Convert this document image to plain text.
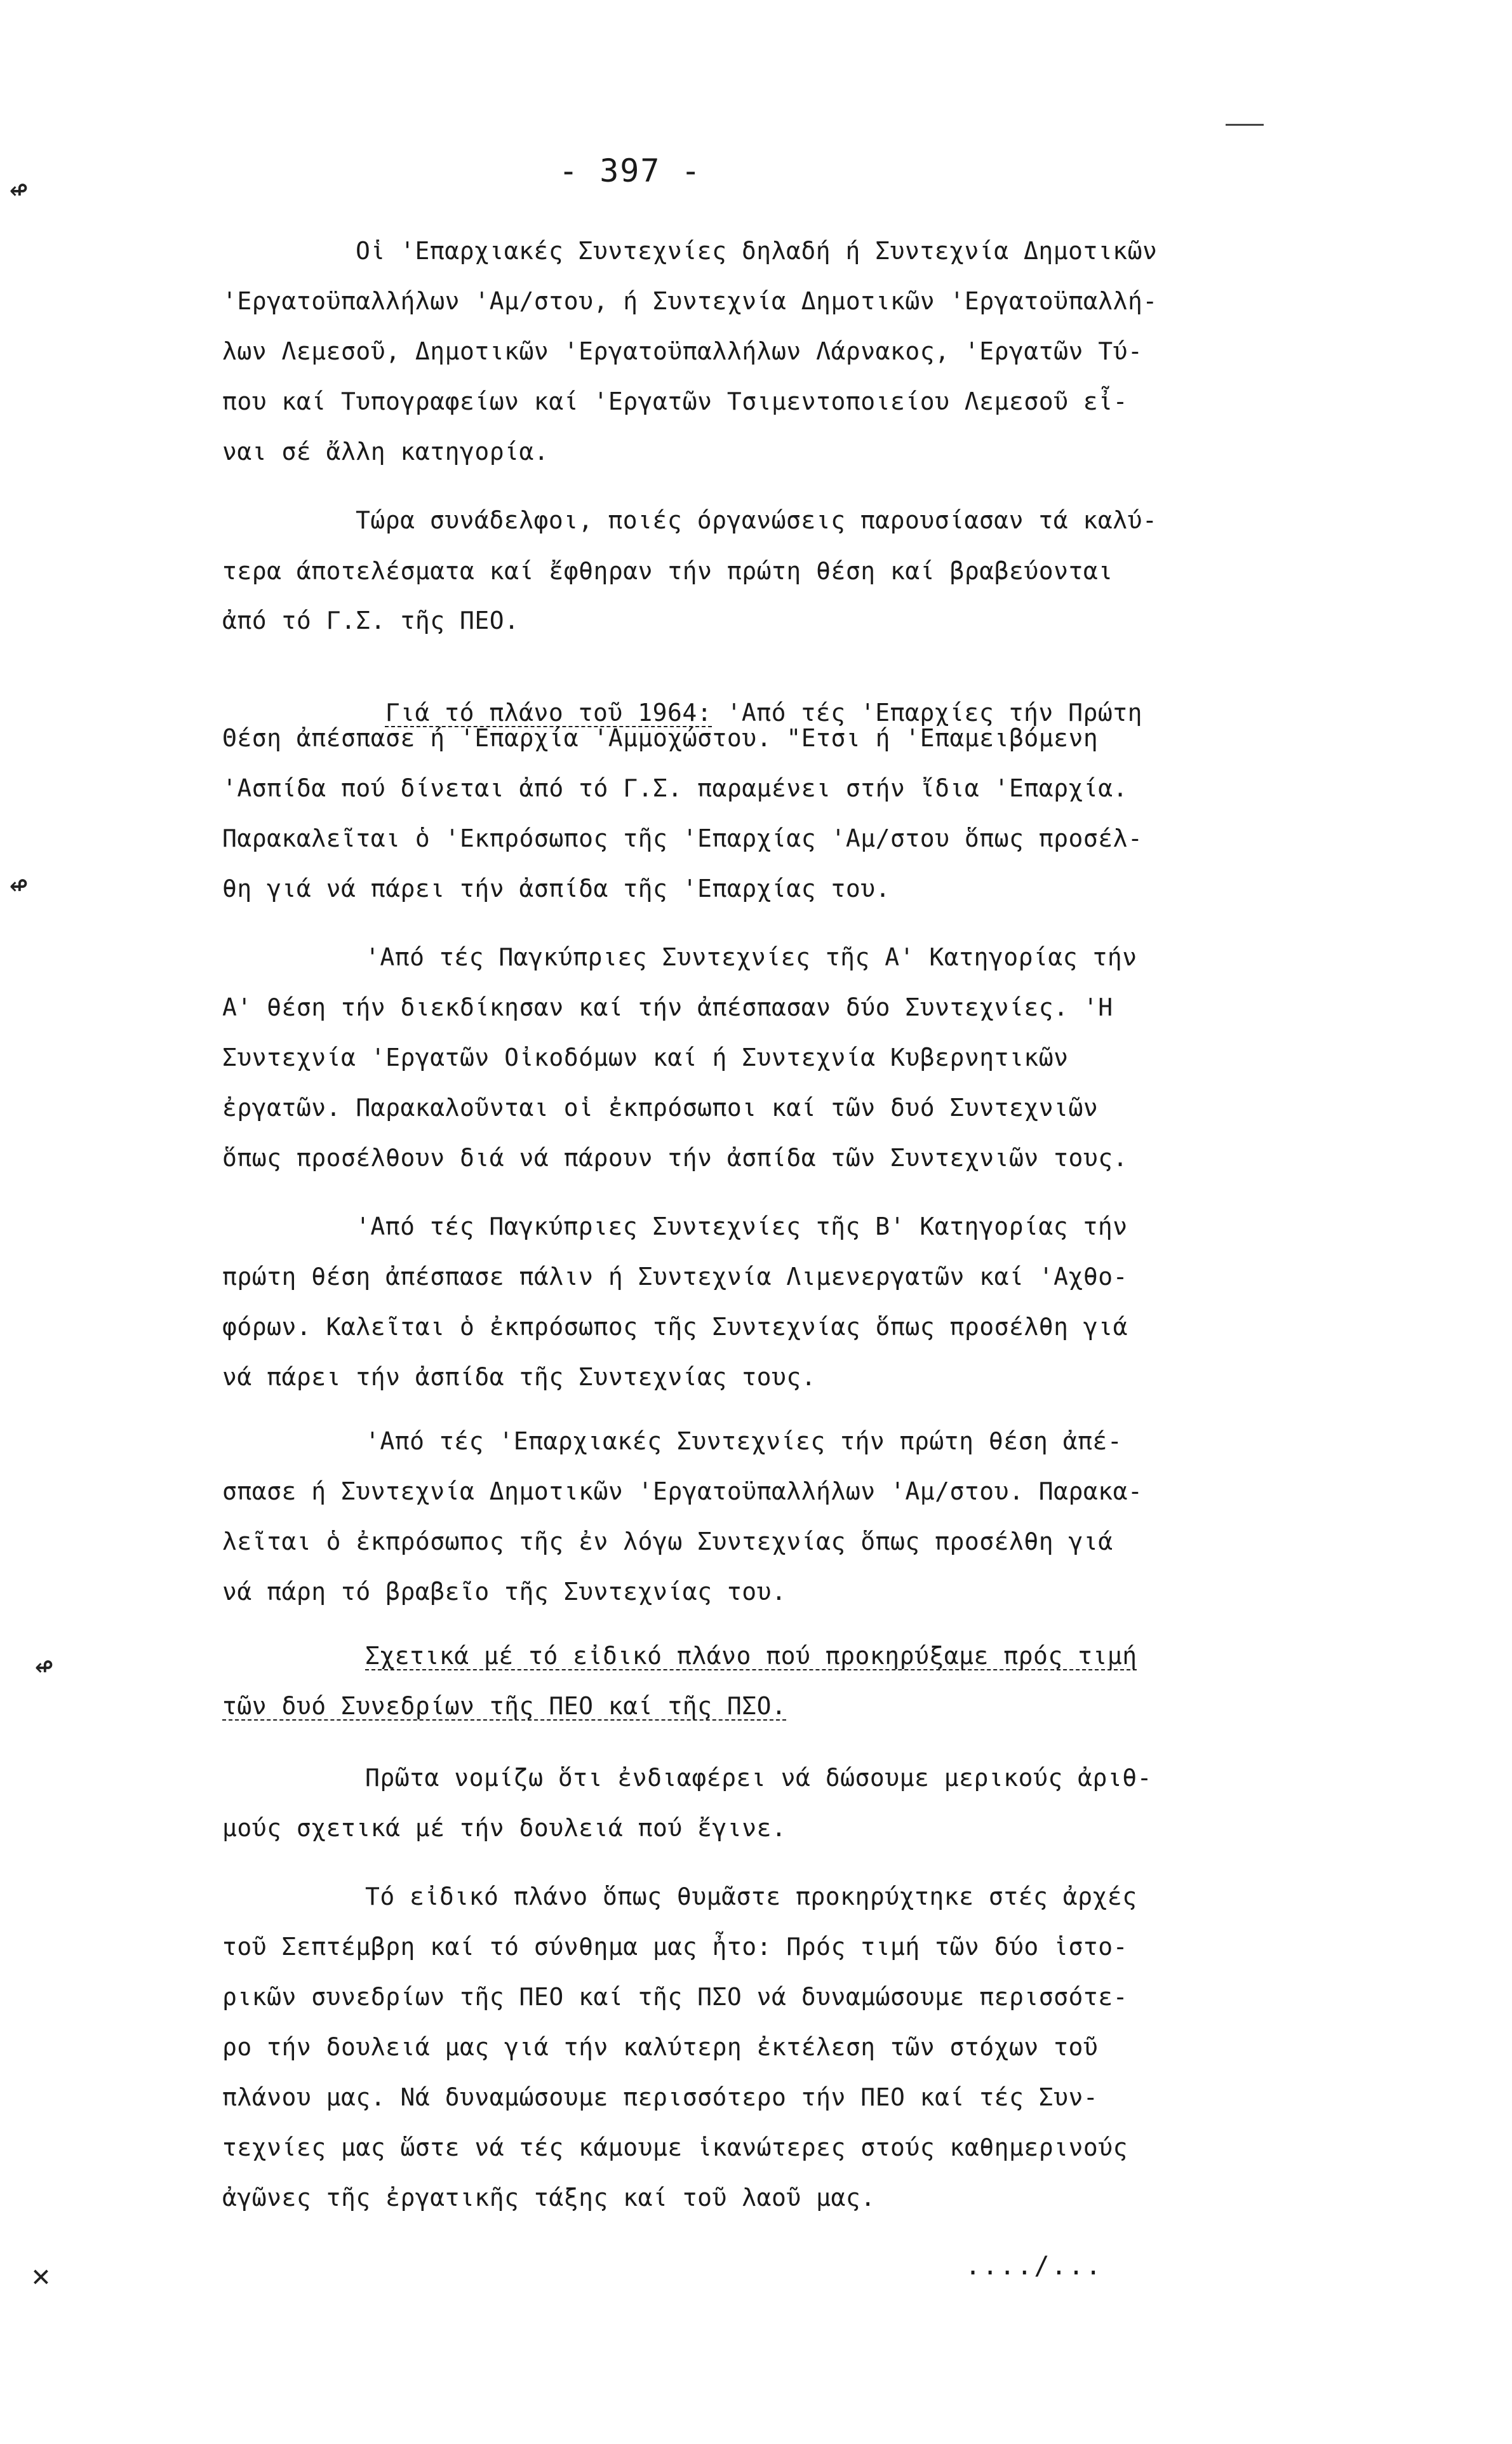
- 397 -
↫
↫
↫
✕
Οἱ 'Επαρχιακές Συντεχνίες δηλαδή ή Συντεχνία Δημοτικῶν
'Εργατοϋπαλλήλων 'Αμ/στου, ή Συντεχνία Δημοτικῶν 'Εργατοϋπαλλή-
λων Λεμεσοῦ, Δημοτικῶν 'Εργατοϋπαλλήλων Λάρνακος, 'Εργατῶν Τύ-
που καί Τυπογραφείων καί 'Εργατῶν Τσιμεντοποιείου Λεμεσοῦ εἶ-
ναι σέ ἄλλη κατηγορία.
Τώρα συνάδελφοι, ποιές όργανώσεις παρουσίασαν τά καλύ-
τερα άποτελέσματα καί ἔφθηραν τήν πρώτη θέση καί βραβεύονται
ἀπό τό Γ.Σ. τῆς ΠΕΟ.

Γιά τό πλάνο τοῦ 1964: 'Από τές 'Επαρχίες τήν Πρώτη

Θέση ἀπέσπασε ή 'Επαρχία 'Αμμοχώστου. "Ετσι ή 'Επαμειβόμενη
'Ασπίδα πού δίνεται ἀπό τό Γ.Σ. παραμένει στήν ἴδια 'Επαρχία.
Παρακαλεῖται ὁ 'Εκπρόσωπος τῆς 'Επαρχίας 'Αμ/στου ὅπως προσέλ-
θη γιά νά πάρει τήν ἀσπίδα τῆς 'Επαρχίας του.
'Από τές Παγκύπριες Συντεχνίες τῆς Α' Κατηγορίας τήν
Α' θέση τήν διεκδίκησαν καί τήν ἀπέσπασαν δύο Συντεχνίες. 'Η
Συντεχνία 'Εργατῶν Οἰκοδόμων καί ή Συντεχνία Κυβερνητικῶν
ἐργατῶν. Παρακαλοῦνται οἱ ἐκπρόσωποι καί τῶν δυό Συντεχνιῶν
ὅπως προσέλθουν διά νά πάρουν τήν ἀσπίδα τῶν Συντεχνιῶν τους.
'Από τές Παγκύπριες Συντεχνίες τῆς Β' Κατηγορίας τήν
πρώτη θέση ἀπέσπασε πάλιν ή Συντεχνία Λιμενεργατῶν καί 'Αχθο-
φόρων. Καλεῖται ὁ ἐκπρόσωπος τῆς Συντεχνίας ὅπως προσέλθη γιά
νά πάρει τήν ἀσπίδα τῆς Συντεχνίας τους.
'Από τές 'Επαρχιακές Συντεχνίες τήν πρώτη θέση ἀπέ-
σπασε ή Συντεχνία Δημοτικῶν 'Εργατοϋπαλλήλων 'Αμ/στου. Παρακα-
λεῖται ὁ ἐκπρόσωπος τῆς ἐν λόγω Συντεχνίας ὅπως προσέλθη γιά
νά πάρη τό βραβεῖο τῆς Συντεχνίας του.
Σχετικά μέ τό εἰδικό πλάνο πού προκηρύξαμε πρός τιμή
τῶν δυό Συνεδρίων τῆς ΠΕΟ καί τῆς ΠΣΟ.
Πρῶτα νομίζω ὅτι ἐνδιαφέρει νά δώσουμε μερικούς ἀριθ-
μούς σχετικά μέ τήν δουλειά πού ἔγινε.
Τό εἰδικό πλάνο ὅπως θυμᾶστε προκηρύχτηκε στές ἀρχές
τοῦ Σεπτέμβρη καί τό σύνθημα μας ἦτο: Πρός τιμή τῶν δύο ἱστο-
ρικῶν συνεδρίων τῆς ΠΕΟ καί τῆς ΠΣΟ νά δυναμώσουμε περισσότε-
ρο τήν δουλειά μας γιά τήν καλύτερη ἐκτέλεση τῶν στόχων τοῦ
πλάνου μας. Νά δυναμώσουμε περισσότερο τήν ΠΕΟ καί τές Συν-
τεχνίες μας ὥστε νά τές κάμουμε ἱκανώτερες στούς καθημερινούς
ἀγῶνες τῆς ἐργατικῆς τάξης καί τοῦ λαοῦ μας.
..../...
